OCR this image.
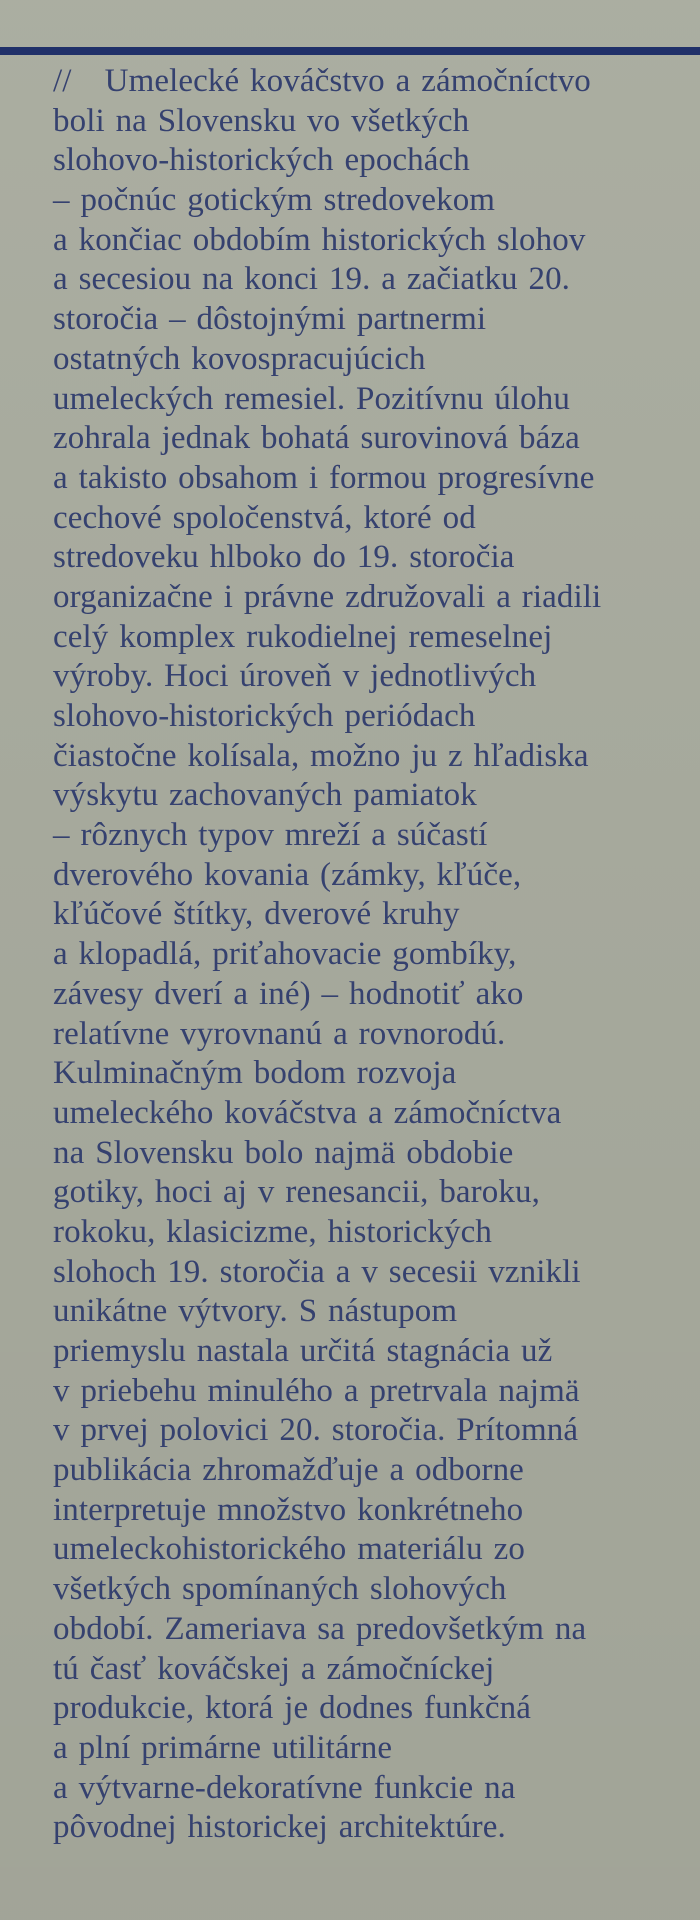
// Umelecké kováčstvo a zámočníctvo
boli na Slovensku vo všetkých
slohovo-historických epochách
– počnúc gotickým stredovekom
a končiac obdobím historických slohov
a secesiou na konci 19. a začiatku 20.
storočia – dôstojnými partnermi
ostatných kovospracujúcich
umeleckých remesiel. Pozitívnu úlohu
zohrala jednak bohatá surovinová báza
a takisto obsahom i formou progresívne
cechové spoločenstvá, ktoré od
stredoveku hlboko do 19. storočia
organizačne i právne združovali a riadili
celý komplex rukodielnej remeselnej
výroby. Hoci úroveň v jednotlivých
slohovo-historických periódach
čiastočne kolísala, možno ju z hľadiska
výskytu zachovaných pamiatok
– rôznych typov mreží a súčastí
dverového kovania (zámky, kľúče,
kľúčové štítky, dverové kruhy
a klopadlá, priťahovacie gombíky,
závesy dverí a iné) – hodnotiť ako
relatívne vyrovnanú a rovnorodú.
Kulminačným bodom rozvoja
umeleckého kováčstva a zámočníctva
na Slovensku bolo najmä obdobie
gotiky, hoci aj v renesancii, baroku,
rokoku, klasicizme, historických
slohoch 19. storočia a v secesii vznikli
unikátne výtvory. S nástupom
priemyslu nastala určitá stagnácia už
v priebehu minulého a pretrvala najmä
v prvej polovici 20. storočia. Prítomná
publikácia zhromažďuje a odborne
interpretuje množstvo konkrétneho
umeleckohistorického materiálu zo
všetkých spomínaných slohových
období. Zameriava sa predovšetkým na
tú časť kováčskej a zámočníckej
produkcie, ktorá je dodnes funkčná
a plní primárne utilitárne
a výtvarne-dekoratívne funkcie na
pôvodnej historickej architektúre.
